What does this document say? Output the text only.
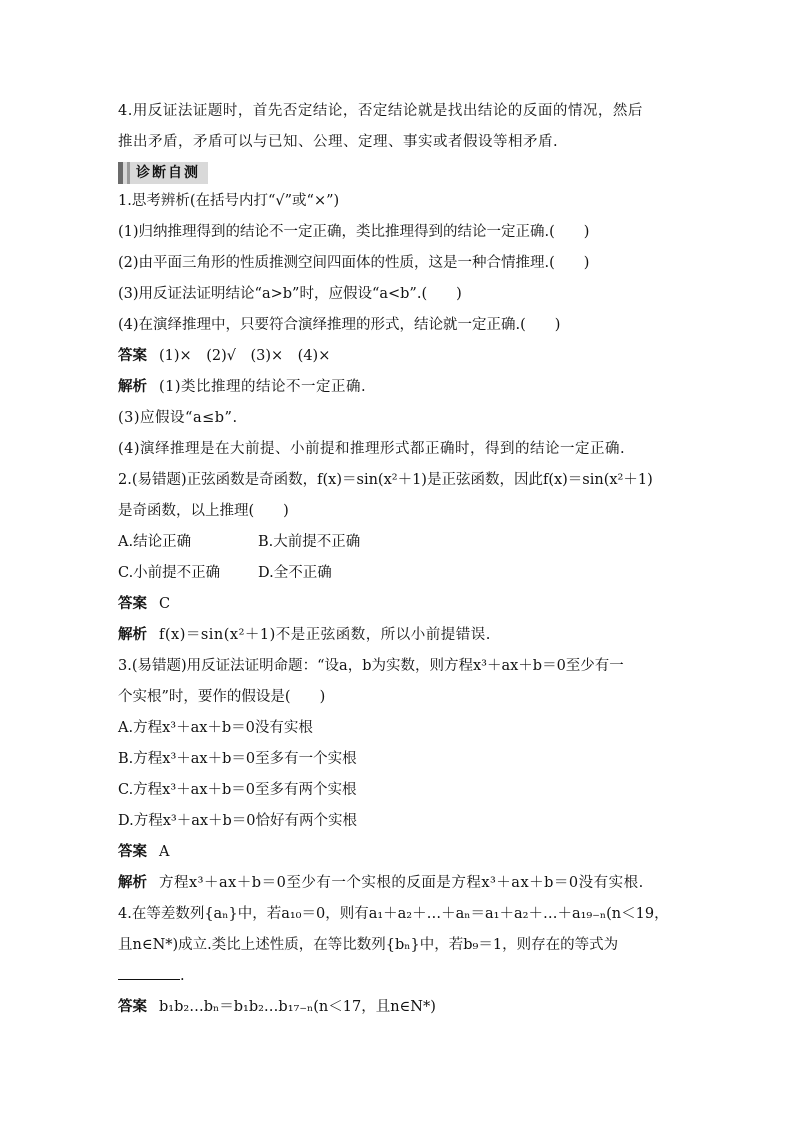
4.用反证法证题时，首先否定结论，否定结论就是找出结论的反面的情况，然后
推出矛盾，矛盾可以与已知、公理、定理、事实或者假设等相矛盾.
诊断自测
1.思考辨析(在括号内打“√”或“×”)
(1)归纳推理得到的结论不一定正确，类比推理得到的结论一定正确.(　　)
(2)由平面三角形的性质推测空间四面体的性质，这是一种合情推理.(　　)
(3)用反证法证明结论“a>b”时，应假设“a<b”.(　　)
(4)在演绎推理中，只要符合演绎推理的形式，结论就一定正确.(　　)
答案 (1)×　(2)√　(3)×　(4)×
解析 (1)类比推理的结论不一定正确.
(3)应假设“a≤b”.
(4)演绎推理是在大前提、小前提和推理形式都正确时，得到的结论一定正确.
2.(易错题)正弦函数是奇函数，f(x)＝sin(x²＋1)是正弦函数，因此f(x)＝sin(x²＋1)
是奇函数，以上推理(　　)
A.结论正确	B.大前提不正确
C.小前提不正确	D.全不正确
答案 C
解析 f(x)＝sin(x²＋1)不是正弦函数，所以小前提错误.
3.(易错题)用反证法证明命题：“设a，b为实数，则方程x³＋ax＋b＝0至少有一
个实根”时，要作的假设是(　　)
A.方程x³＋ax＋b＝0没有实根
B.方程x³＋ax＋b＝0至多有一个实根
C.方程x³＋ax＋b＝0至多有两个实根
D.方程x³＋ax＋b＝0恰好有两个实根
答案 A
解析 方程x³＋ax＋b＝0至少有一个实根的反面是方程x³＋ax＋b＝0没有实根.
4.在等差数列{aₙ}中，若a₁₀＝0，则有a₁＋a₂＋…＋aₙ＝a₁＋a₂＋…＋a₁₉₋ₙ(n＜19，
且n∈N*)成立.类比上述性质，在等比数列{bₙ}中，若b₉＝1，则存在的等式为
.
答案 b₁b₂…bₙ＝b₁b₂…b₁₇₋ₙ(n＜17，且n∈N*)
